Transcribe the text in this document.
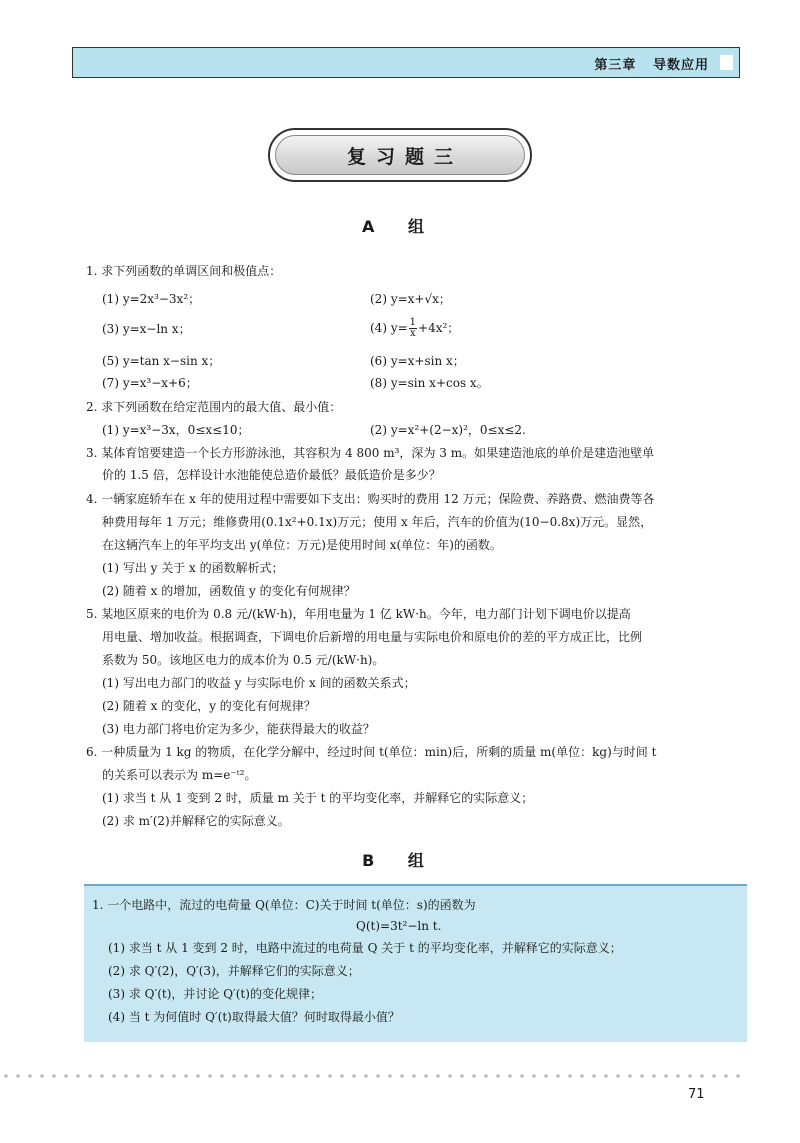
第三章 导数应用
复习题三
A 组
1. 求下列函数的单调区间和极值点：
(1) y=2x³−3x²；	(2) y=x+√x；
(3) y=x−ln x；	(4) $y= \frac{1}{x} +4x^2$；
(5) y=tan x−sin x；	(6) y=x+sin x；
(7) y=x³−x+6；	(8) y=sin x+cos x。
2. 求下列函数在给定范围内的最大值、最小值：
(1) y=x³−3x，0≤x≤10；	(2) y=x²+(2−x)²，0≤x≤2.
3. 某体育馆要建造一个长方形游泳池，其容积为 4 800 m³，深为 3 m。如果建造池底的单价是建造池壁单
价的 1.5 倍，怎样设计水池能使总造价最低？最低造价是多少？
4. 一辆家庭轿车在 x 年的使用过程中需要如下支出：购买时的费用 12 万元；保险费、养路费、燃油费等各
种费用每年 1 万元；维修费用(0.1x²+0.1x)万元；使用 x 年后，汽车的价值为(10−0.8x)万元。显然，
在这辆汽车上的年平均支出 y(单位：万元)是使用时间 x(单位：年)的函数。
(1) 写出 y 关于 x 的函数解析式；
(2) 随着 x 的增加，函数值 y 的变化有何规律？
5. 某地区原来的电价为 0.8 元/(kW·h)，年用电量为 1 亿 kW·h。今年，电力部门计划下调电价以提高
用电量、增加收益。根据调查，下调电价后新增的用电量与实际电价和原电价的差的平方成正比，比例
系数为 50。该地区电力的成本价为 0.5 元/(kW·h)。
(1) 写出电力部门的收益 y 与实际电价 x 间的函数关系式；
(2) 随着 x 的变化，y 的变化有何规律？
(3) 电力部门将电价定为多少，能获得最大的收益？
6. 一种质量为 1 kg 的物质，在化学分解中，经过时间 t(单位：min)后，所剩的质量 m(单位：kg)与时间 t
的关系可以表示为 m=e⁻ᵗ²。
(1) 求当 t 从 1 变到 2 时，质量 m 关于 t 的平均变化率，并解释它的实际意义；
(2) 求 m′(2)并解释它的实际意义。
B 组
1. 一个电路中，流过的电荷量 Q(单位：C)关于时间 t(单位：s)的函数为
Q(t)=3t²−ln t.
(1) 求当 t 从 1 变到 2 时，电路中流过的电荷量 Q 关于 t 的平均变化率，并解释它的实际意义；
(2) 求 Q′(2)，Q′(3)，并解释它们的实际意义；
(3) 求 Q′(t)，并讨论 Q′(t)的变化规律；
(4) 当 t 为何值时 Q′(t)取得最大值？何时取得最小值？
71
